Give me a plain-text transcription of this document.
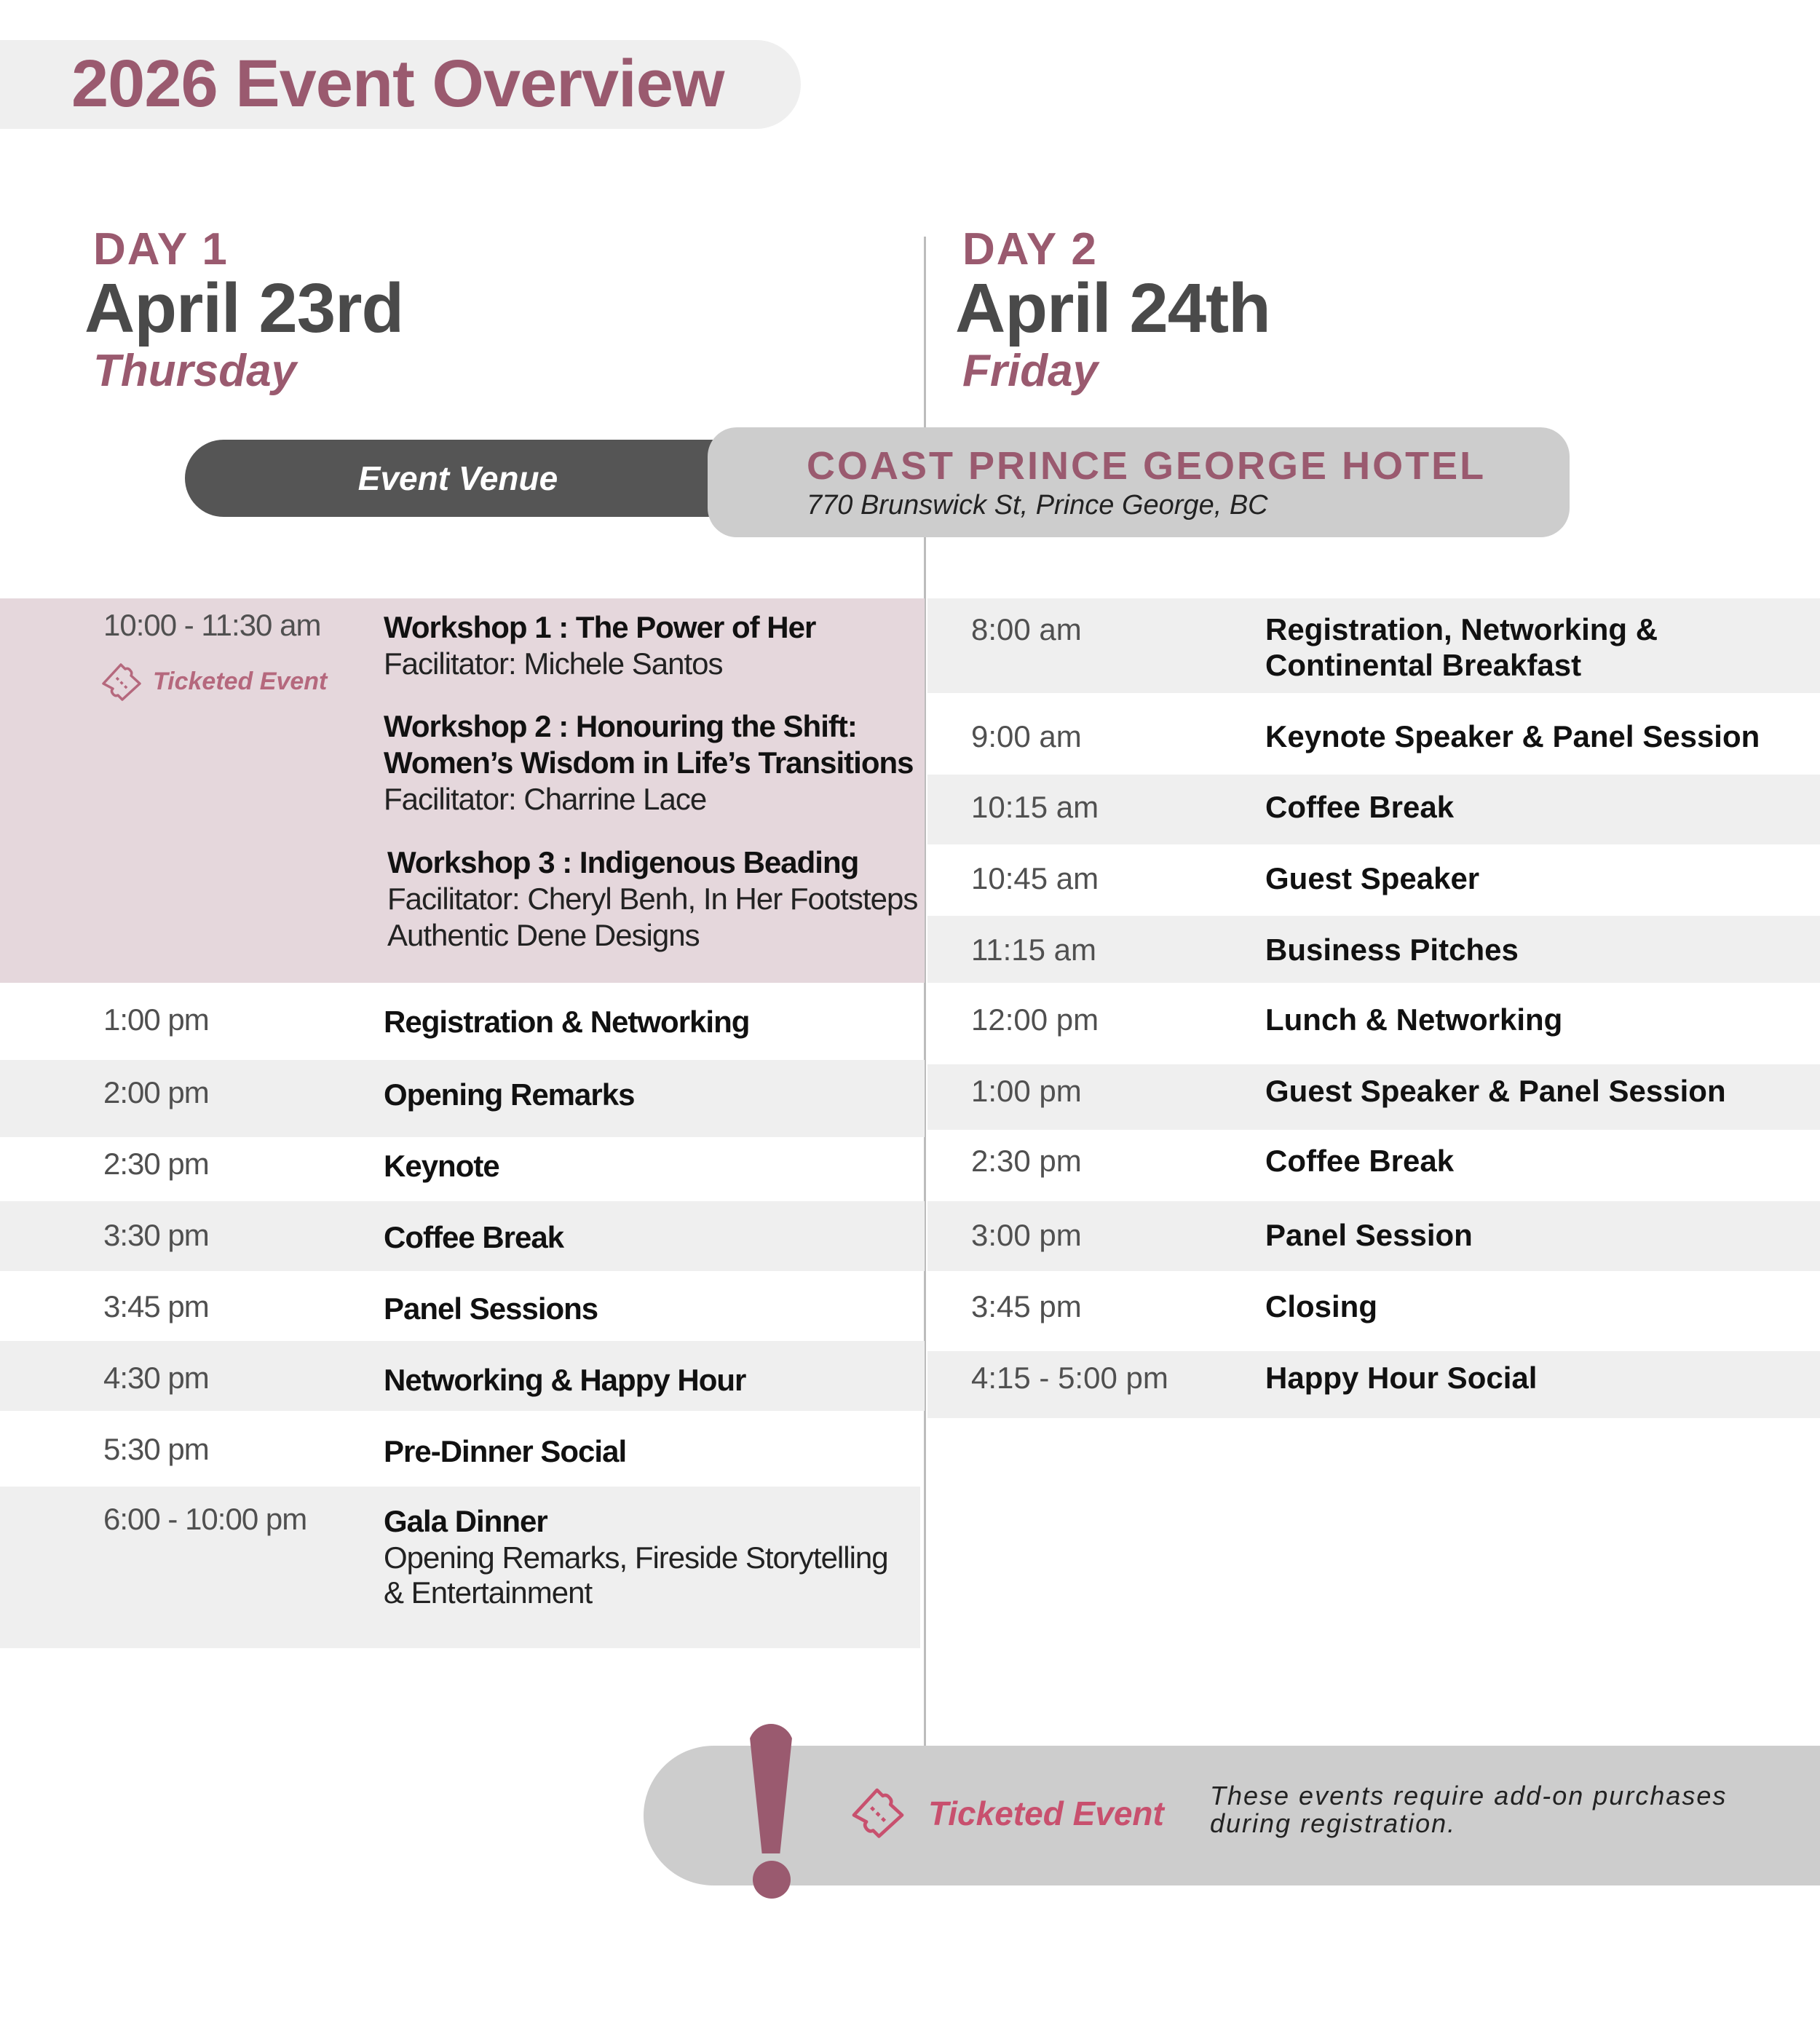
2026 Event Overview
DAY 1
April 23rd
Thursday
DAY 2
April 24th
Friday
Event Venue	COAST PRINCE GEORGE HOTEL
770 Brunswick St, Prince George, BC
10:00 - 11:30 am
Ticketed Event
Workshop 1 : The Power of Her
Facilitator: Michele Santos
Workshop 2 : Honouring the Shift:
Women’s Wisdom in Life’s Transitions
Facilitator: Charrine Lace
Workshop 3 : Indigenous Beading
Facilitator: Cheryl Benh, In Her Footsteps
Authentic Dene Designs
1:00 pm	Registration & Networking
2:00 pm	Opening Remarks
2:30 pm	Keynote
3:30 pm	Coffee Break
3:45 pm	Panel Sessions
4:30 pm	Networking & Happy Hour
5:30 pm	Pre-Dinner Social
6:00 - 10:00 pm	Gala Dinner
Opening Remarks, Fireside Storytelling
& Entertainment
8:00 am	Registration, Networking &
Continental Breakfast
9:00 am	Keynote Speaker & Panel Session
10:15 am	Coffee Break
10:45 am	Guest Speaker
11:15 am	Business Pitches
12:00 pm	Lunch & Networking
1:00 pm	Guest Speaker & Panel Session
2:30 pm	Coffee Break
3:00 pm	Panel Session
3:45 pm	Closing
4:15 - 5:00 pm	Happy Hour Social
Ticketed Event These events require add-on purchases during registration.
